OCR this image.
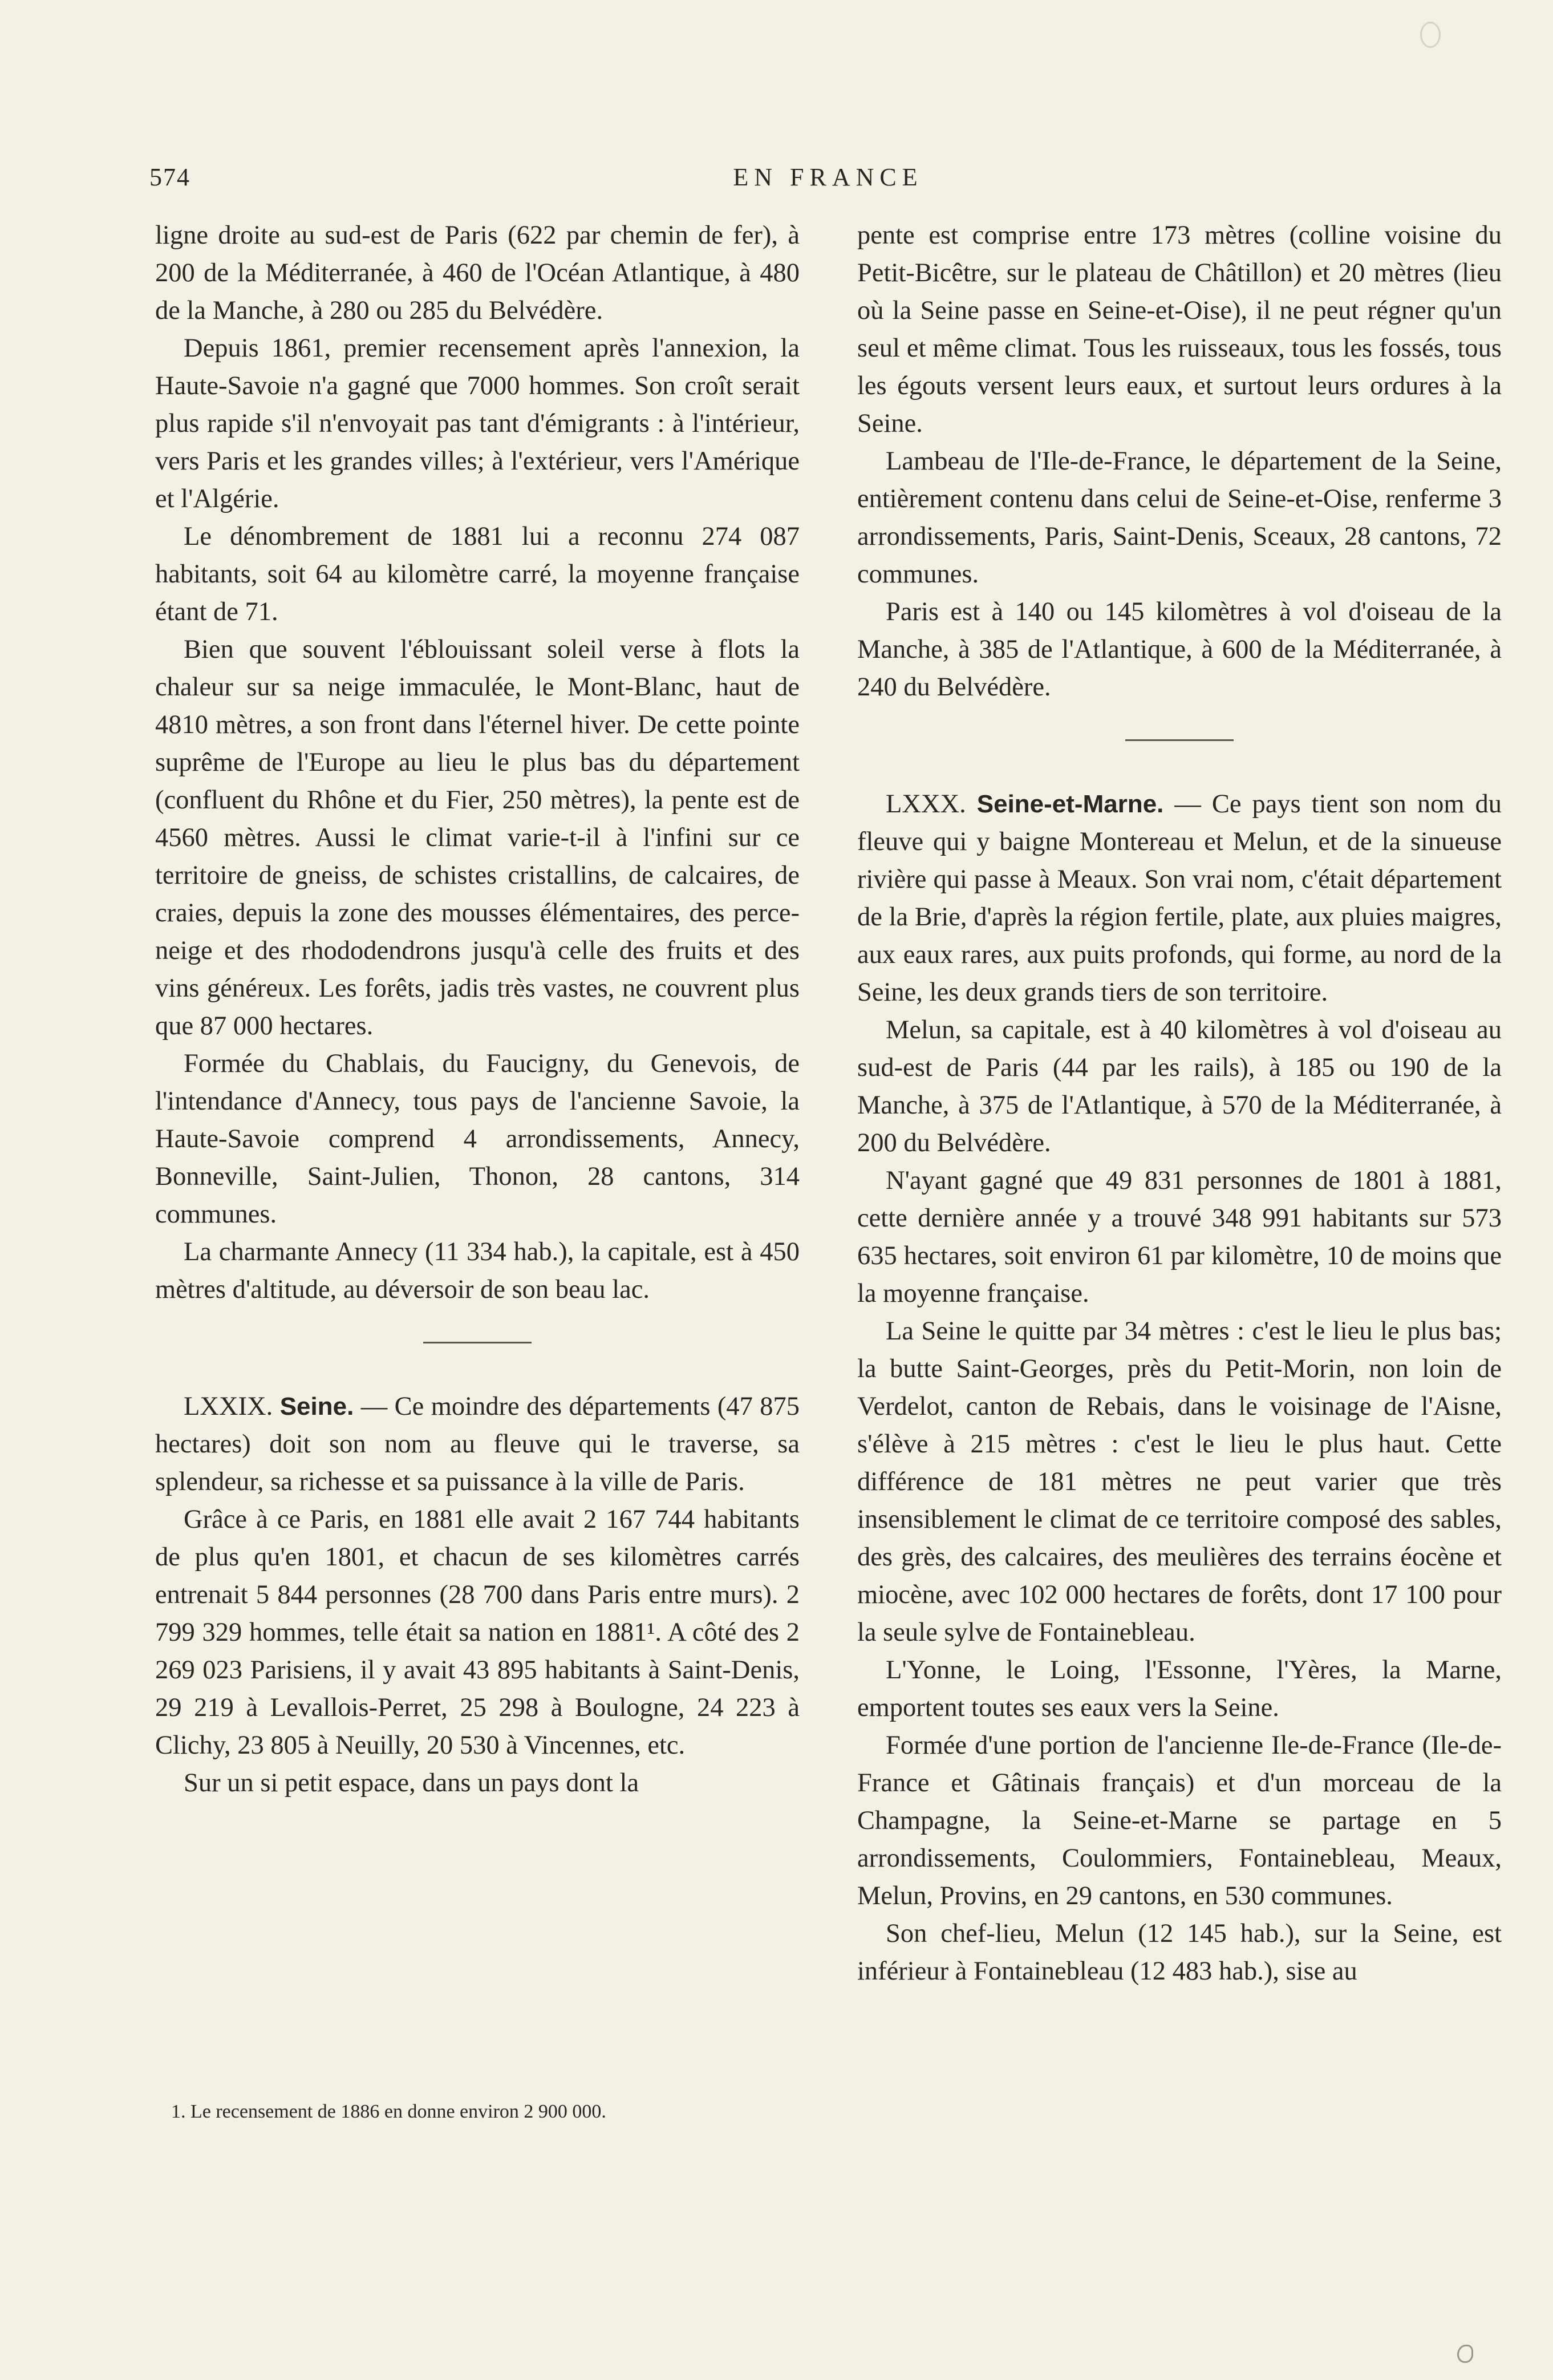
574	EN FRANCE

ligne droite au sud-est de Paris (622 par chemin de fer), à 200 de la Méditerranée, à 460 de l'Océan Atlantique, à 480 de la Manche, à 280 ou 285 du Belvédère.

Depuis 1861, premier recensement après l'annexion, la Haute-Savoie n'a gagné que 7000 hommes. Son croît serait plus rapide s'il n'envoyait pas tant d'émigrants : à l'intérieur, vers Paris et les grandes villes; à l'extérieur, vers l'Amérique et l'Algérie.

Le dénombrement de 1881 lui a reconnu 274 087 habitants, soit 64 au kilomètre carré, la moyenne française étant de 71.

Bien que souvent l'éblouissant soleil verse à flots la chaleur sur sa neige immaculée, le Mont-Blanc, haut de 4810 mètres, a son front dans l'éternel hiver. De cette pointe suprême de l'Europe au lieu le plus bas du département (confluent du Rhône et du Fier, 250 mètres), la pente est de 4560 mètres. Aussi le climat varie-t-il à l'infini sur ce territoire de gneiss, de schistes cristallins, de calcaires, de craies, depuis la zone des mousses élémentaires, des perce-neige et des rhododendrons jusqu'à celle des fruits et des vins généreux. Les forêts, jadis très vastes, ne couvrent plus que 87 000 hectares.

Formée du Chablais, du Faucigny, du Genevois, de l'intendance d'Annecy, tous pays de l'ancienne Savoie, la Haute-Savoie comprend 4 arrondissements, Annecy, Bonneville, Saint-Julien, Thonon, 28 cantons, 314 communes.

La charmante Annecy (11 334 hab.), la capitale, est à 450 mètres d'altitude, au déversoir de son beau lac.

LXXIX. Seine. — Ce moindre des départements (47 875 hectares) doit son nom au fleuve qui le traverse, sa splendeur, sa richesse et sa puissance à la ville de Paris.

Grâce à ce Paris, en 1881 elle avait 2 167 744 habitants de plus qu'en 1801, et chacun de ses kilomètres carrés entrenait 5 844 personnes (28 700 dans Paris entre murs). 2 799 329 hommes, telle était sa nation en 1881¹. A côté des 2 269 023 Parisiens, il y avait 43 895 habitants à Saint-Denis, 29 219 à Levallois-Perret, 25 298 à Boulogne, 24 223 à Clichy, 23 805 à Neuilly, 20 530 à Vincennes, etc.

Sur un si petit espace, dans un pays dont la

1. Le recensement de 1886 en donne environ 2 900 000.

pente est comprise entre 173 mètres (colline voisine du Petit-Bicêtre, sur le plateau de Châtillon) et 20 mètres (lieu où la Seine passe en Seine-et-Oise), il ne peut régner qu'un seul et même climat. Tous les ruisseaux, tous les fossés, tous les égouts versent leurs eaux, et surtout leurs ordures à la Seine.

Lambeau de l'Ile-de-France, le département de la Seine, entièrement contenu dans celui de Seine-et-Oise, renferme 3 arrondissements, Paris, Saint-Denis, Sceaux, 28 cantons, 72 communes.

Paris est à 140 ou 145 kilomètres à vol d'oiseau de la Manche, à 385 de l'Atlantique, à 600 de la Méditerranée, à 240 du Belvédère.

LXXX. Seine-et-Marne. — Ce pays tient son nom du fleuve qui y baigne Montereau et Melun, et de la sinueuse rivière qui passe à Meaux. Son vrai nom, c'était département de la Brie, d'après la région fertile, plate, aux pluies maigres, aux eaux rares, aux puits profonds, qui forme, au nord de la Seine, les deux grands tiers de son territoire.

Melun, sa capitale, est à 40 kilomètres à vol d'oiseau au sud-est de Paris (44 par les rails), à 185 ou 190 de la Manche, à 375 de l'Atlantique, à 570 de la Méditerranée, à 200 du Belvédère.

N'ayant gagné que 49 831 personnes de 1801 à 1881, cette dernière année y a trouvé 348 991 habitants sur 573 635 hectares, soit environ 61 par kilomètre, 10 de moins que la moyenne française.

La Seine le quitte par 34 mètres : c'est le lieu le plus bas; la butte Saint-Georges, près du Petit-Morin, non loin de Verdelot, canton de Rebais, dans le voisinage de l'Aisne, s'élève à 215 mètres : c'est le lieu le plus haut. Cette différence de 181 mètres ne peut varier que très insensiblement le climat de ce territoire composé des sables, des grès, des calcaires, des meulières des terrains éocène et miocène, avec 102 000 hectares de forêts, dont 17 100 pour la seule sylve de Fontainebleau.

L'Yonne, le Loing, l'Essonne, l'Yères, la Marne, emportent toutes ses eaux vers la Seine.

Formée d'une portion de l'ancienne Ile-de-France (Ile-de-France et Gâtinais français) et d'un morceau de la Champagne, la Seine-et-Marne se partage en 5 arrondissements, Coulommiers, Fontainebleau, Meaux, Melun, Provins, en 29 cantons, en 530 communes.

Son chef-lieu, Melun (12 145 hab.), sur la Seine, est inférieur à Fontainebleau (12 483 hab.), sise au
